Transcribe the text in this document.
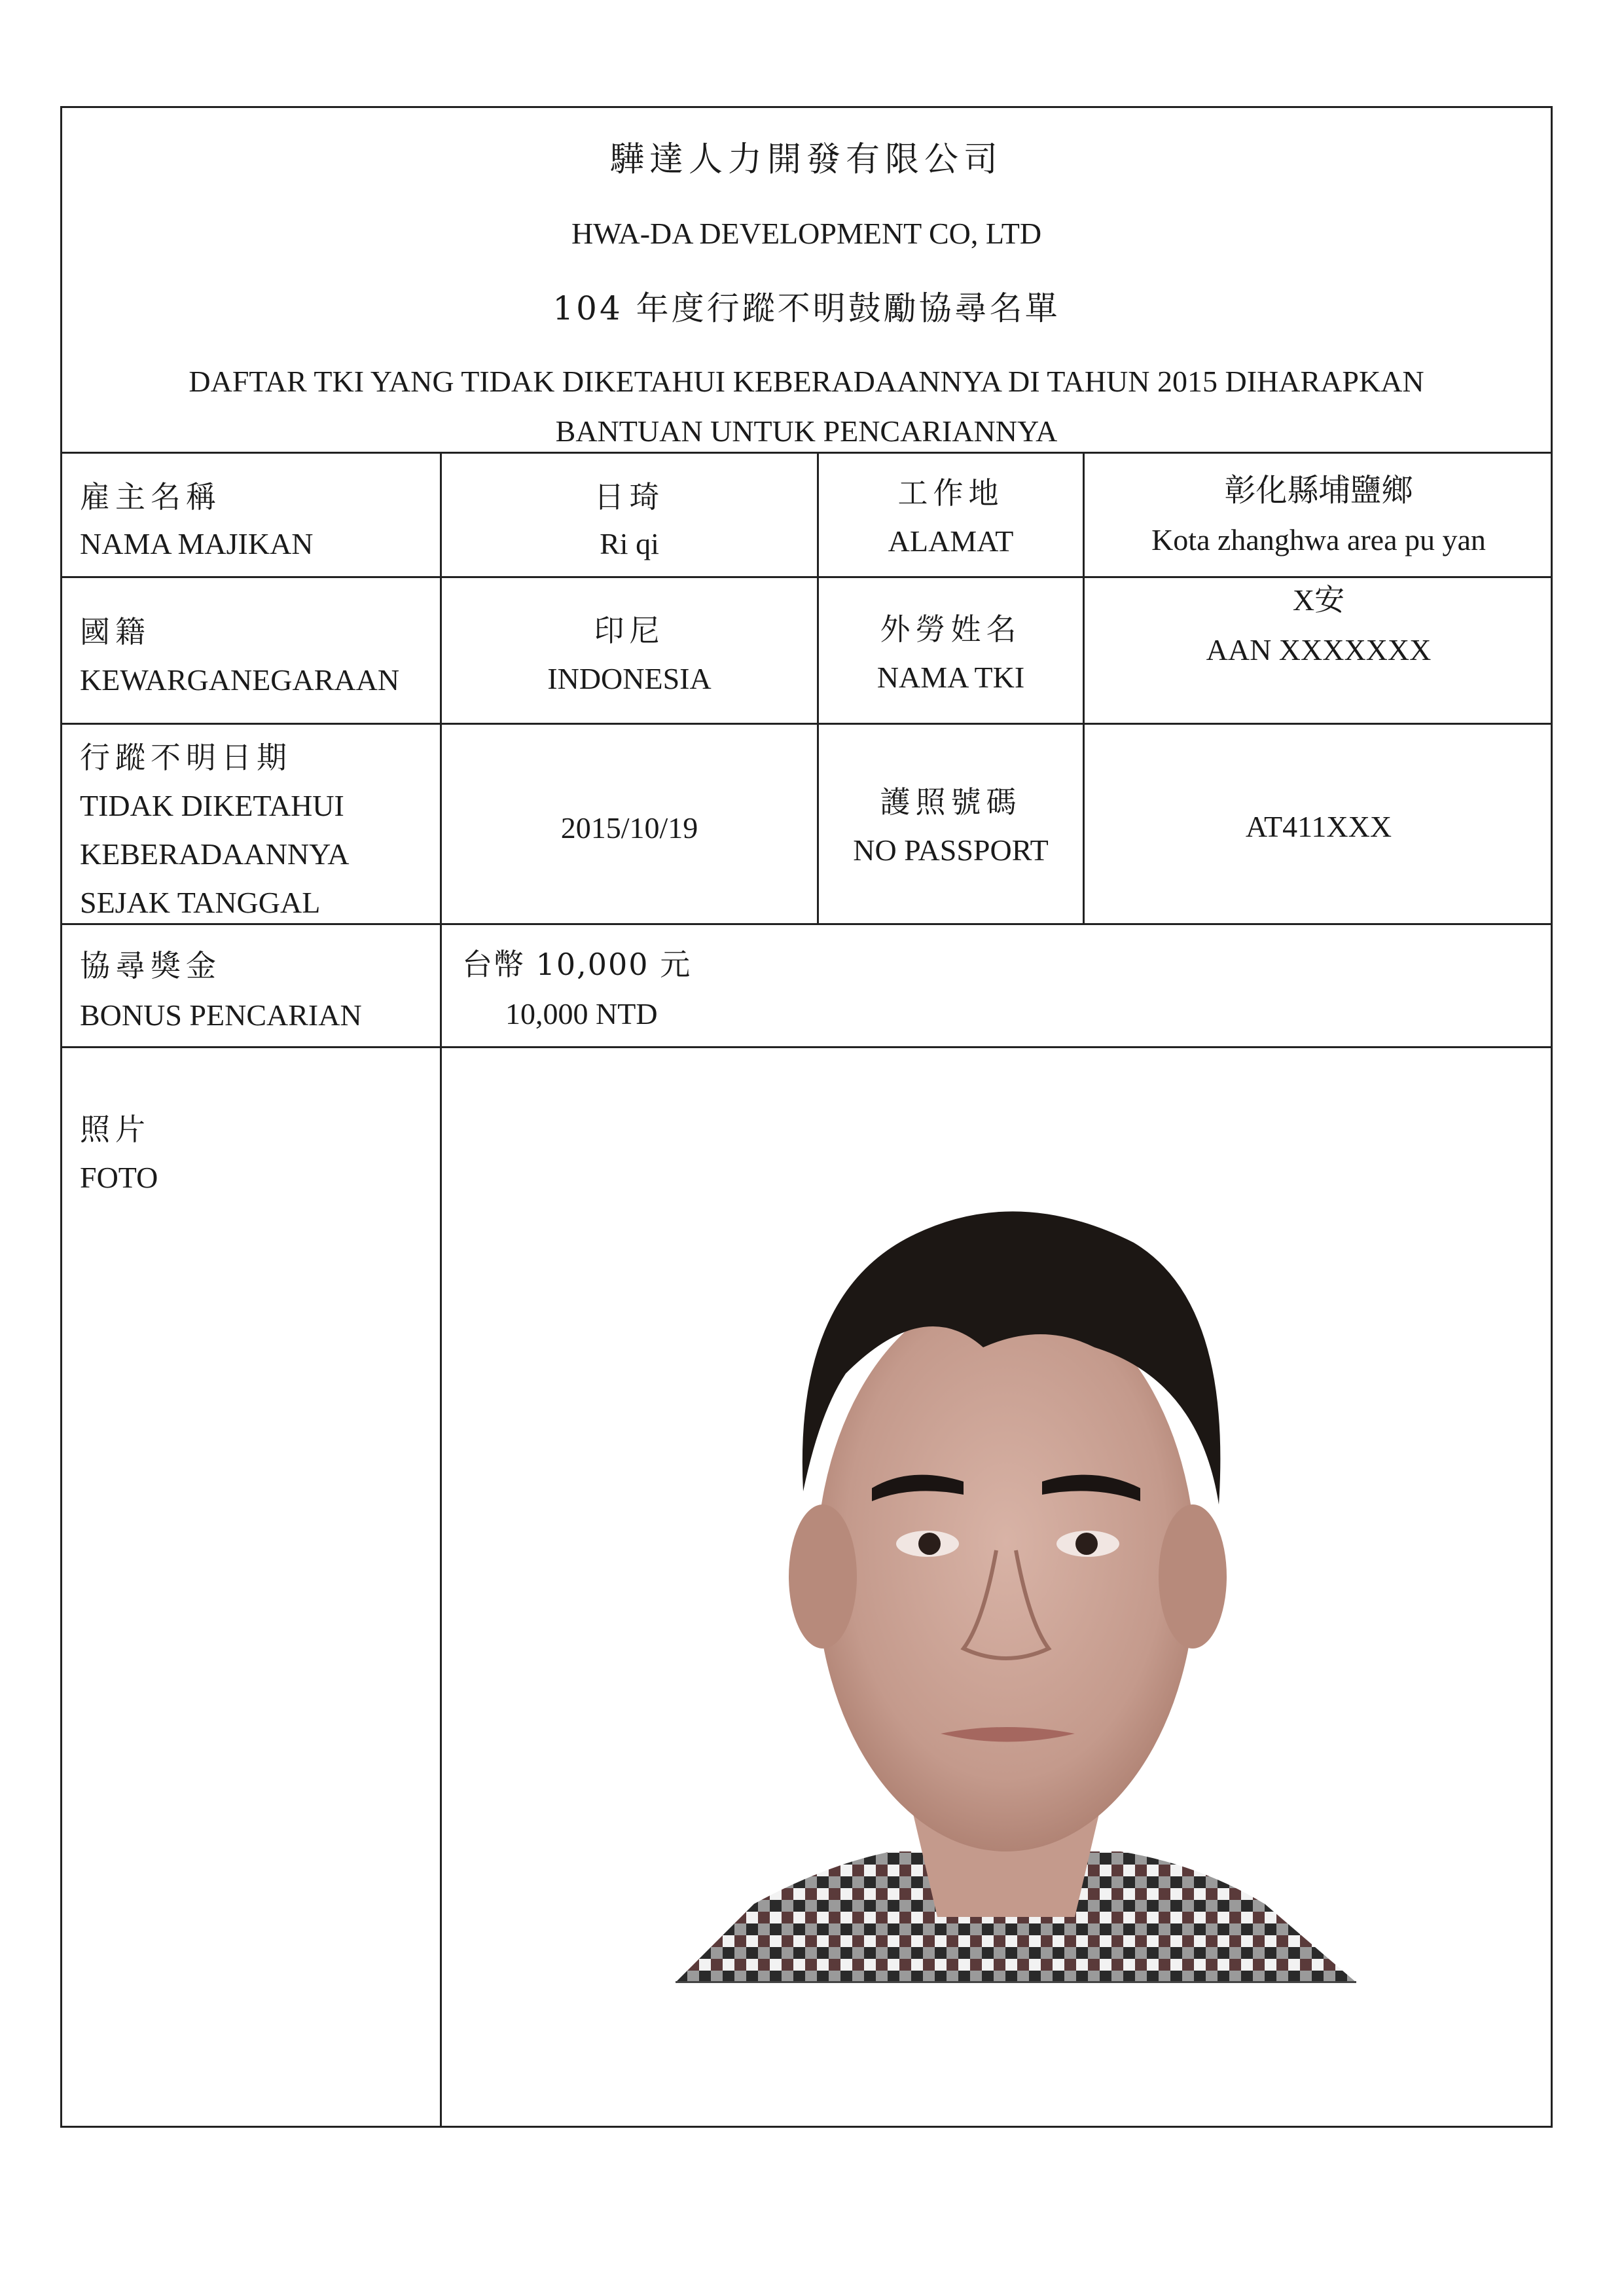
驊達人力開發有限公司
HWA-DA DEVELOPMENT CO, LTD
104 年度行蹤不明鼓勵協尋名單
DAFTAR TKI YANG TIDAK DIKETAHUI KEBERADAANNYA DI TAHUN 2015 DIHARAPKAN
BANTUAN UNTUK PENCARIANNYA
雇主名稱
NAMA MAJIKAN
日琦
Ri qi
工作地
ALAMAT
彰化縣埔鹽鄉
Kota zhanghwa area pu yan
國籍
KEWARGANEGARAAN
印尼
INDONESIA
外勞姓名
NAMA TKI
X安
AAN XXXXXXX
行蹤不明日期
TIDAK DIKETAHUI
KEBERADAANNYA
SEJAK TANGGAL
2015/10/19
護照號碼
NO PASSPORT
AT411XXX
協尋獎金
BONUS PENCARIAN
台幣 10,000 元
10,000 NTD
照片
FOTO
